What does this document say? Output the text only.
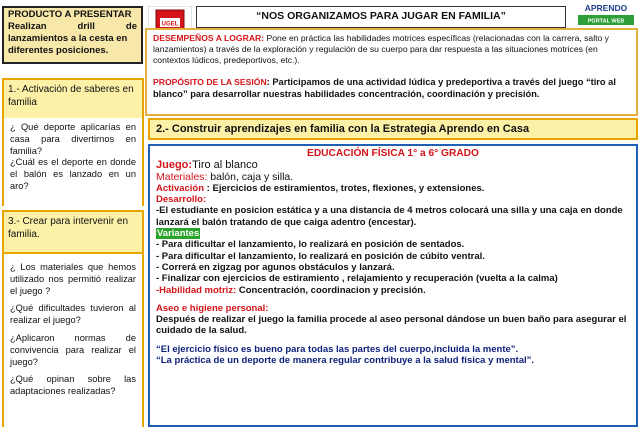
PRODUCTO A PRESENTAR
Realizan	drill	de
lanzamientos a la cesta en
diferentes posiciones.
UGEL
“NOS ORGANIZAMOS PARA JUGAR EN FAMILIA”
APRENDO
PORTAL WEB

DESEMPEÑOS A LOGRAR: Pone en práctica las habilidades motrices específicas (relacionadas con la carrera, salto y lanzamientos) a través de la exploración y regulación de su cuerpo para dar respuesta a las situaciones motrices (en contextos lúdicos, predeportivos, etc.).

PROPÓSITO DE LA SESIÓN: Participamos de una actividad lúdica y predeportiva a través del juego “tiro al blanco” para desarrollar nuestras habilidades concentración, coordinación y precisión.

1.- Activación de saberes en familia
¿ Qué deporte aplicarías en casa para divertirnos en familia?
¿Cuál es el deporte en donde el balón es lanzado en un aro?
3.- Crear para intervenir en familia.

¿ Los materiales que hemos utilizado nos permitió realizar el juego ?

¿Qué dificultades tuvieron al realizar el juego?

¿Aplicaron normas de convivencia para realizar el juego?

¿Qué opinan sobre las adaptaciones realizadas?

2.- Construir aprendizajes en familia con la Estrategia Aprendo en Casa
EDUCACIÓN FÍSICA 1° a 6° GRADO
Juego:Tiro al blanco
Materiales: balón, caja y silla.
Activación : Ejercicios de estiramientos, trotes, flexiones, y extensiones.
Desarrollo:
-El estudiante en posicion estática y a una distancia de 4 metros colocará una silla y una caja en donde lanzará el balón tratando de que caiga adentro (encestar).
Variantes
- Para dificultar el lanzamiento, lo realizará en posición de sentados.
- Para dificultar el lanzamiento, lo realizará en posición de cúbito ventral.
- Correrá en zigzag por agunos obstáculos y lanzará.
- Finalizar con ejercicios de estiramiento , relajamiento y recuperación (vuelta a la calma)
-Habilidad motriz: Concentración, coordinacion y precisión.
Aseo e higiene personal:
Después de realizar el juego la familia procede al aseo personal dándose un buen baño para asegurar el cuidado de la salud.
“El ejercicio físico es bueno para todas las partes del cuerpo,incluida la mente”.
“La práctica de un deporte de manera regular contribuye a la salud física y mental”.
